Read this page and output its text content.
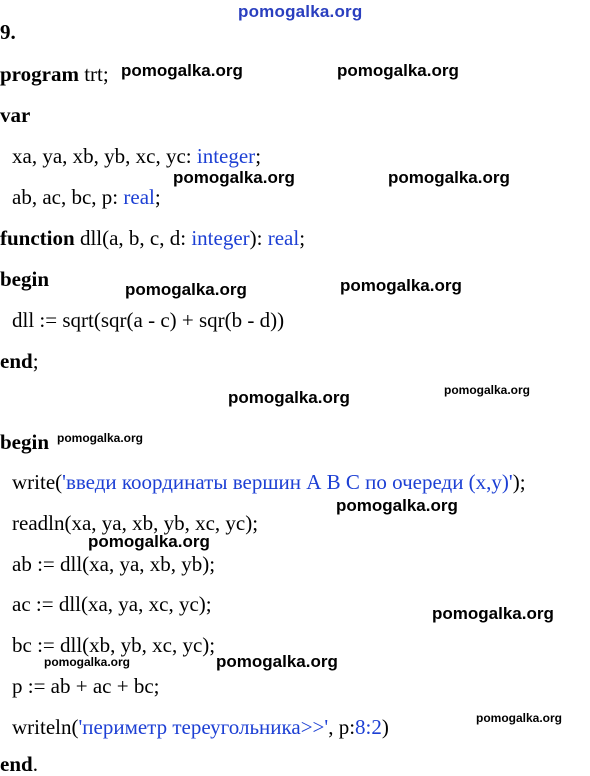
pomogalka.org
pomogalka.org	pomogalka.org
pomogalka.org	pomogalka.org
pomogalka.org	pomogalka.org
pomogalka.org	pomogalka.org
pomogalka.org
pomogalka.org
pomogalka.org
pomogalka.org
pomogalka.org	pomogalka.org
pomogalka.org
9.
program trt;
var
xa, ya, xb, yb, xc, yc: integer;
ab, ac, bc, p: real;
function dll(a, b, c, d: integer): real;
begin
dll := sqrt(sqr(a - c) + sqr(b - d))
end;
begin
write('введи координаты вершин А В С по очереди (x,y)');
readln(xa, ya, xb, yb, xc, yc);
ab := dll(xa, ya, xb, yb);
ac := dll(xa, ya, xc, yc);
bc := dll(xb, yb, xc, yc);
p := ab + ac + bc;
writeln('периметр тереугольника>>', p:8:2)
end.
